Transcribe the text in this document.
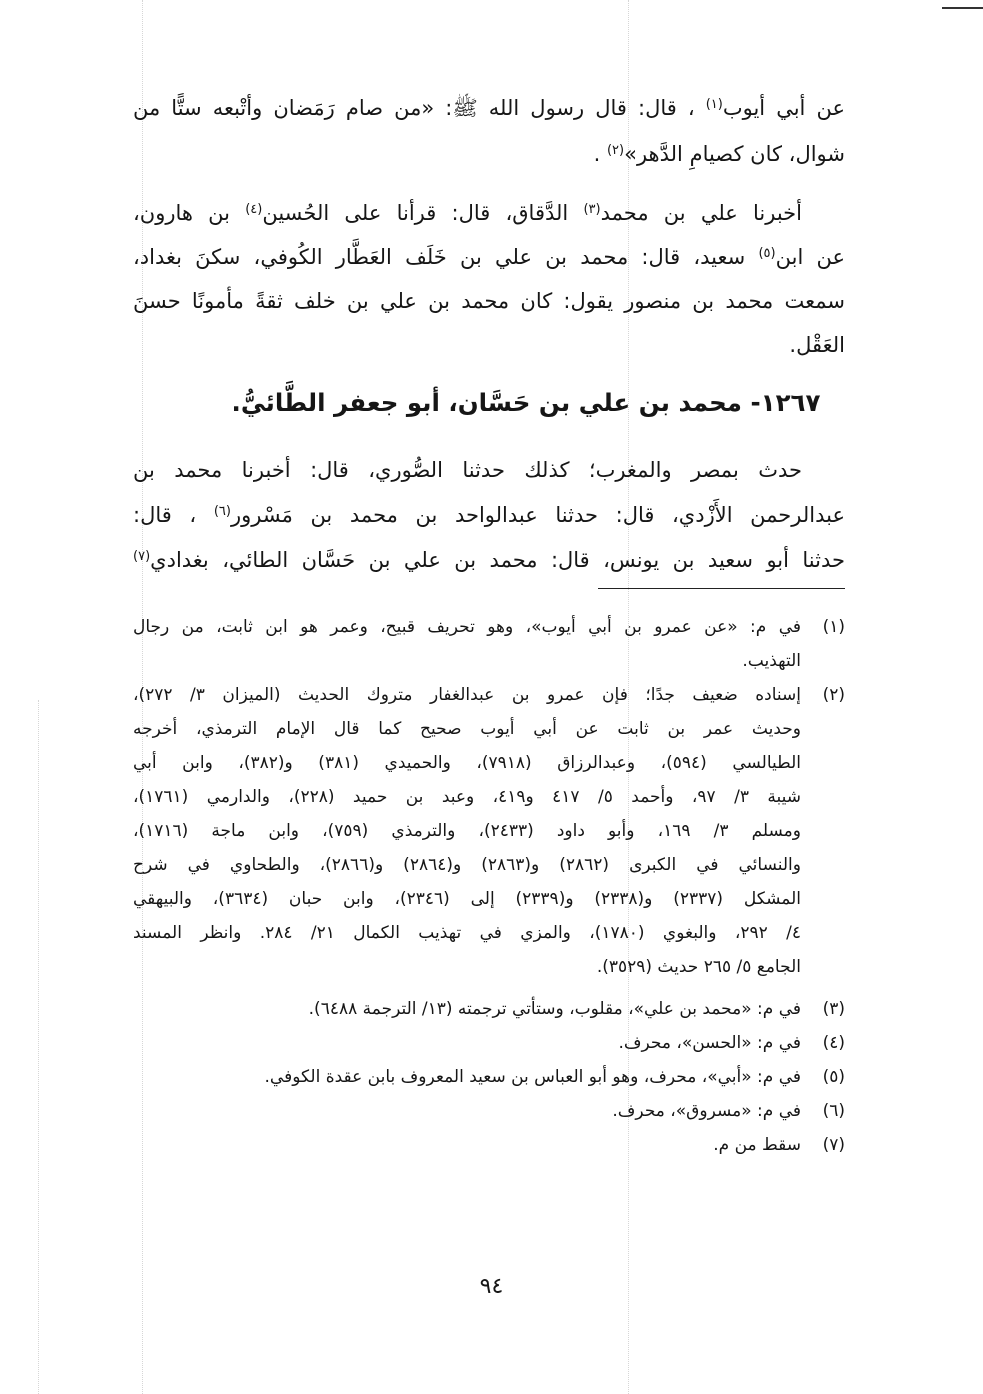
عن أبي أيوب$^{(١)}$ ، قال: قال رسول الله ﷺ: «من صام رَمَضان وأتْبعه ستًّا من
شوال، كان كصيامِ الدَّهر»$^{(٢)}$ .
أخبرنا علي بن محمد$^{(٣)}$ الدَّقاق، قال: قرأنا على الحُسين$^{(٤)}$ بن هارون،
عن ابن$^{(٥)}$ سعيد، قال: محمد بن علي بن خَلَف العَطَّار الكُوفي، سكنَ بغداد،
سمعت محمد بن منصور يقول: كان محمد بن علي بن خلف ثقةً مأمونًا حسنَ
العَقْل.
١٢٦٧- محمد بن علي بن حَسَّان، أبو جعفر الطَّائيُّ.
حدث بمصر والمغرب؛ كذلك حدثنا الصُّوري، قال: أخبرنا محمد بن
عبدالرحمن الأَزْدي، قال: حدثنا عبدالواحد بن محمد بن مَسْرور$^{(٦)}$ ، قال:
حدثنا أبو سعيد بن يونس، قال: محمد بن علي بن حَسَّان الطائي، بغدادي$^{(٧)}$
(١)
في م: «عن عمرو بن أبي أيوب»، وهو تحريف قبيح، وعمر هو ابن ثابت، من رجال
التهذيب.
(٢)
إسناده ضعيف جدًا؛ فإن عمرو بن عبدالغفار متروك الحديث (الميزان ٣/ ٢٧٢)،
وحديث عمر بن ثابت عن أبي أيوب صحيح كما قال الإمام الترمذي، أخرجه
الطيالسي (٥٩٤)، وعبدالرزاق (٧٩١٨)، والحميدي (٣٨١) و(٣٨٢)، وابن أبي
شيبة ٣/ ٩٧، وأحمد ٥/ ٤١٧ و٤١٩، وعبد بن حميد (٢٢٨)، والدارمي (١٧٦١)،
ومسلم ٣/ ١٦٩، وأبو داود (٢٤٣٣)، والترمذي (٧٥٩)، وابن ماجة (١٧١٦)،
والنسائي في الكبرى (٢٨٦٢) و(٢٨٦٣) و(٢٨٦٤) و(٢٨٦٦)، والطحاوي في شرح
المشكل (٢٣٣٧) و(٢٣٣٨) و(٢٣٣٩) إلى (٢٣٤٦)، وابن حبان (٣٦٣٤)، والبيهقي
٤/ ٢٩٢، والبغوي (١٧٨٠)، والمزي في تهذيب الكمال ٢١/ ٢٨٤. وانظر المسند
الجامع ٥/ ٢٦٥ حديث (٣٥٢٩).
(٣)
في م: «محمد بن علي»، مقلوب، وستأتي ترجمته (١٣/ الترجمة ٦٤٨٨).
(٤)
في م: «الحسن»، محرف.
(٥)
في م: «أبي»، محرف، وهو أبو العباس بن سعيد المعروف بابن عقدة الكوفي.
(٦)
في م: «مسروق»، محرف.
(٧)
سقط من م.
٩٤
